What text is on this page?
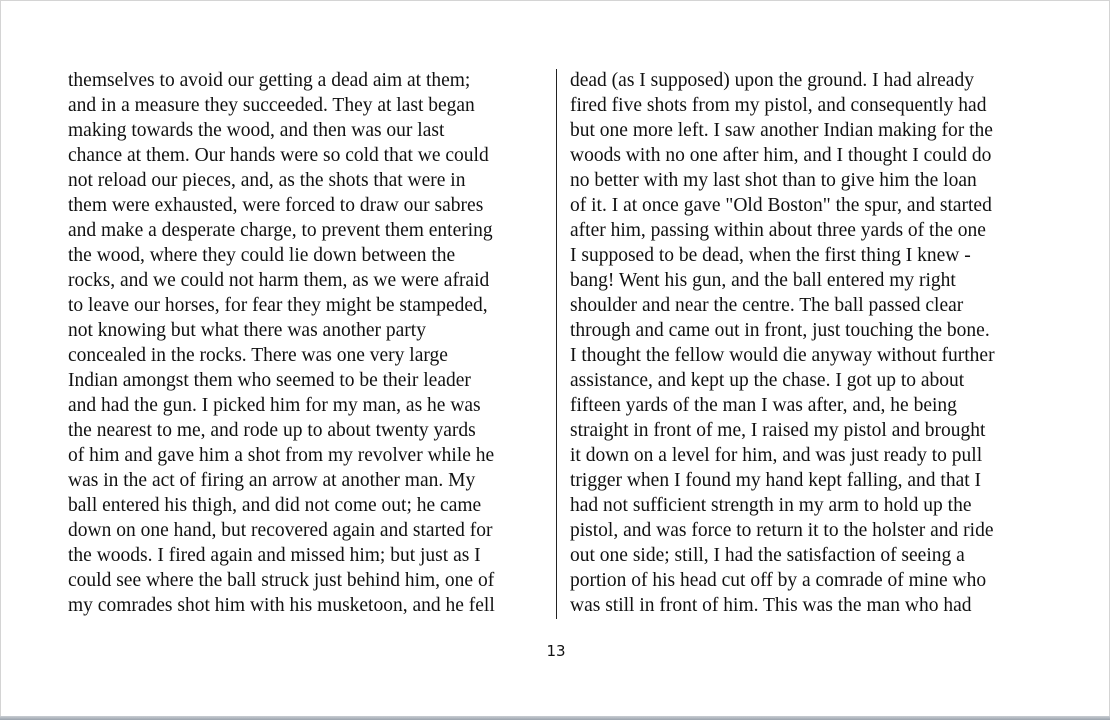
themselves to avoid our getting a dead aim at them;
and in a measure they succeeded. They at last began
making towards the wood, and then was our last
chance at them. Our hands were so cold that we could
not reload our pieces, and, as the shots that were in
them were exhausted, were forced to draw our sabres
and make a desperate charge, to prevent them entering
the wood, where they could lie down between the
rocks, and we could not harm them, as we were afraid
to leave our horses, for fear they might be stampeded,
not knowing but what there was another party
concealed in the rocks. There was one very large
Indian amongst them who seemed to be their leader
and had the gun. I picked him for my man, as he was
the nearest to me, and rode up to about twenty yards
of him and gave him a shot from my revolver while he
was in the act of firing an arrow at another man. My
ball entered his thigh, and did not come out; he came
down on one hand, but recovered again and started for
the woods. I fired again and missed him; but just as I
could see where the ball struck just behind him, one of
my comrades shot him with his musketoon, and he fell
dead (as I supposed) upon the ground. I had already
fired five shots from my pistol, and consequently had
but one more left. I saw another Indian making for the
woods with no one after him, and I thought I could do
no better with my last shot than to give him the loan
of it. I at once gave "Old Boston" the spur, and started
after him, passing within about three yards of the one
I supposed to be dead, when the first thing I knew -
bang! Went his gun, and the ball entered my right
shoulder and near the centre. The ball passed clear
through and came out in front, just touching the bone.
I thought the fellow would die anyway without further
assistance, and kept up the chase. I got up to about
fifteen yards of the man I was after, and, he being
straight in front of me, I raised my pistol and brought
it down on a level for him, and was just ready to pull
trigger when I found my hand kept falling, and that I
had not sufficient strength in my arm to hold up the
pistol, and was force to return it to the holster and ride
out one side; still, I had the satisfaction of seeing a
portion of his head cut off by a comrade of mine who
was still in front of him. This was the man who had
13
